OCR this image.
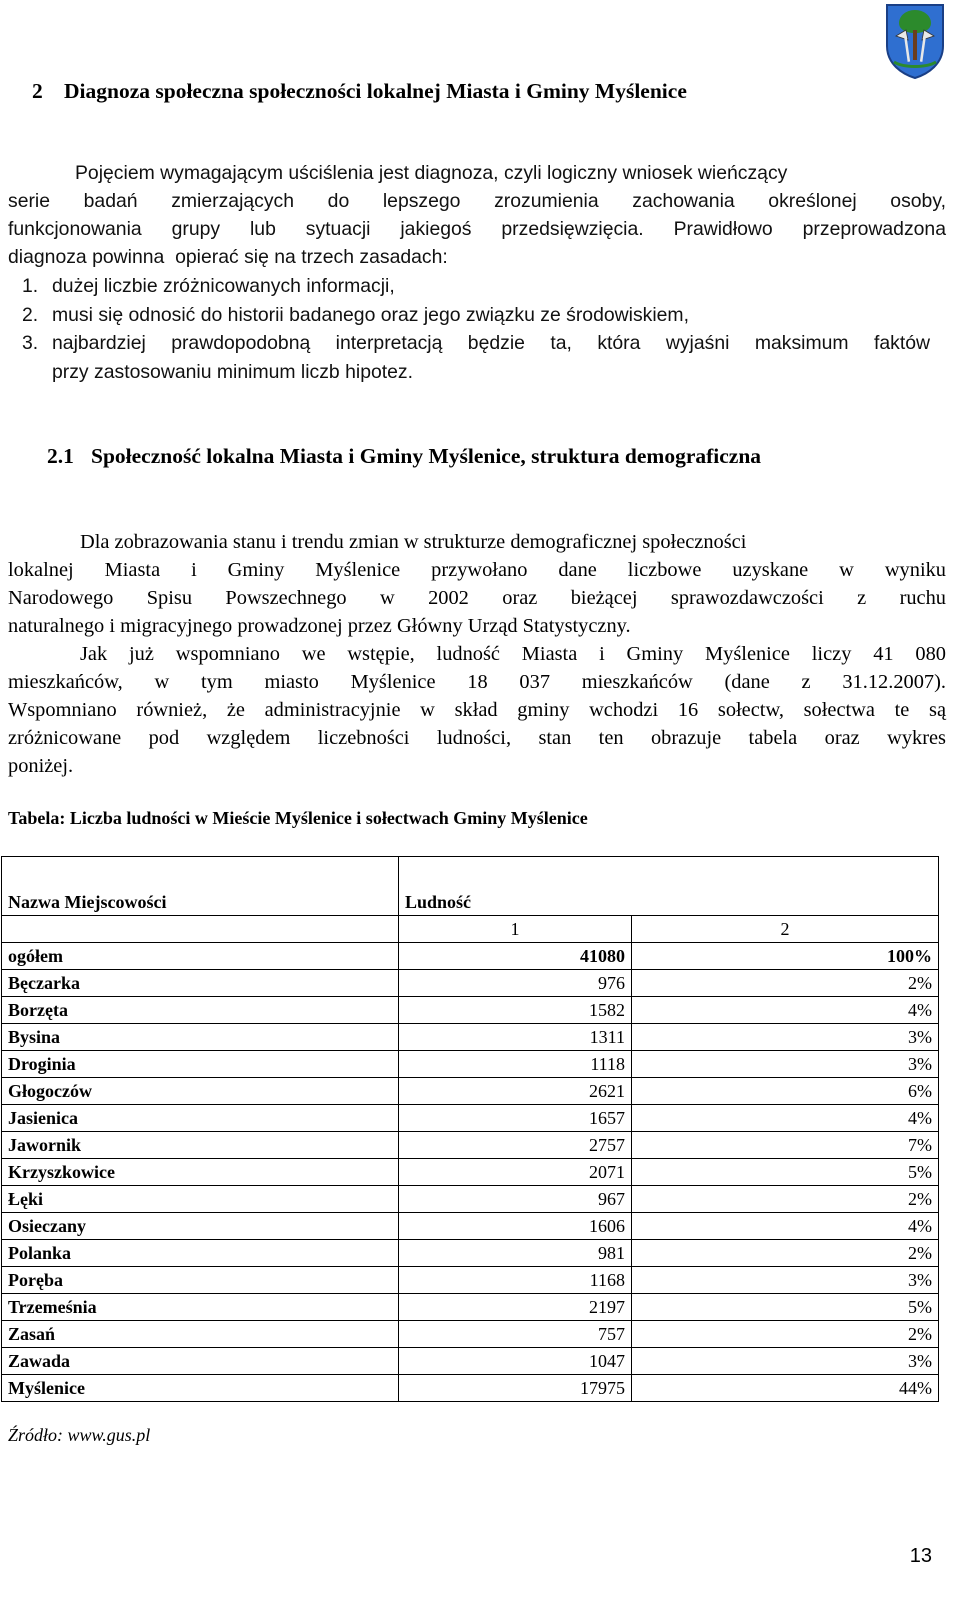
2 Diagnoza społeczna społeczności lokalnej Miasta i Gminy Myślenice
Pojęciem wymagającym uściślenia jest diagnoza, czyli logiczny wniosek wieńczący
serie badań zmierzających do lepszego zrozumienia zachowania określonej osoby,
funkcjonowania grupy lub sytuacji jakiegoś przedsięwzięcia. Prawidłowo przeprowadzona
diagnoza powinna  opierać się na trzech zasadach:
1. dużej liczbie zróżnicowanych informacji,
2. musi się odnosić do historii badanego oraz jego związku ze środowiskiem,
3. najbardziej prawdopodobną interpretacją będzie ta, która wyjaśni maksimum faktów
przy zastosowaniu minimum liczb hipotez.
2.1 Społeczność lokalna Miasta i Gminy Myślenice, struktura demograficzna
Dla zobrazowania stanu i trendu zmian w strukturze demograficznej społeczności
lokalnej Miasta i Gminy Myślenice przywołano dane liczbowe uzyskane w wyniku
Narodowego Spisu Powszechnego w 2002 oraz bieżącej sprawozdawczości z ruchu
naturalnego i migracyjnego prowadzonej przez Główny Urząd Statystyczny.
Jak już wspomniano we wstępie, ludność Miasta i Gminy Myślenice liczy 41 080
mieszkańców, w tym miasto Myślenice 18 037 mieszkańców (dane z 31.12.2007).
Wspomniano również, że administracyjnie w skład gminy wchodzi 16 sołectw, sołectwa te są
zróżnicowane pod względem liczebności ludności, stan ten obrazuje tabela oraz wykres
poniżej.
Tabela: Liczba ludności w Mieście Myślenice i sołectwach Gminy Myślenice
Nazwa Miejscowości	Ludność	
	1	2
ogółem	41080	100%
Bęczarka	976	2%
Borzęta	1582	4%
Bysina	1311	3%
Droginia	1118	3%
Głogoczów	2621	6%
Jasienica	1657	4%
Jawornik	2757	7%
Krzyszkowice	2071	5%
Łęki	967	2%
Osieczany	1606	4%
Polanka	981	2%
Poręba	1168	3%
Trzemeśnia	2197	5%
Zasań	757	2%
Zawada	1047	3%
Myślenice	17975	44%
Źródło: www.gus.pl
13
